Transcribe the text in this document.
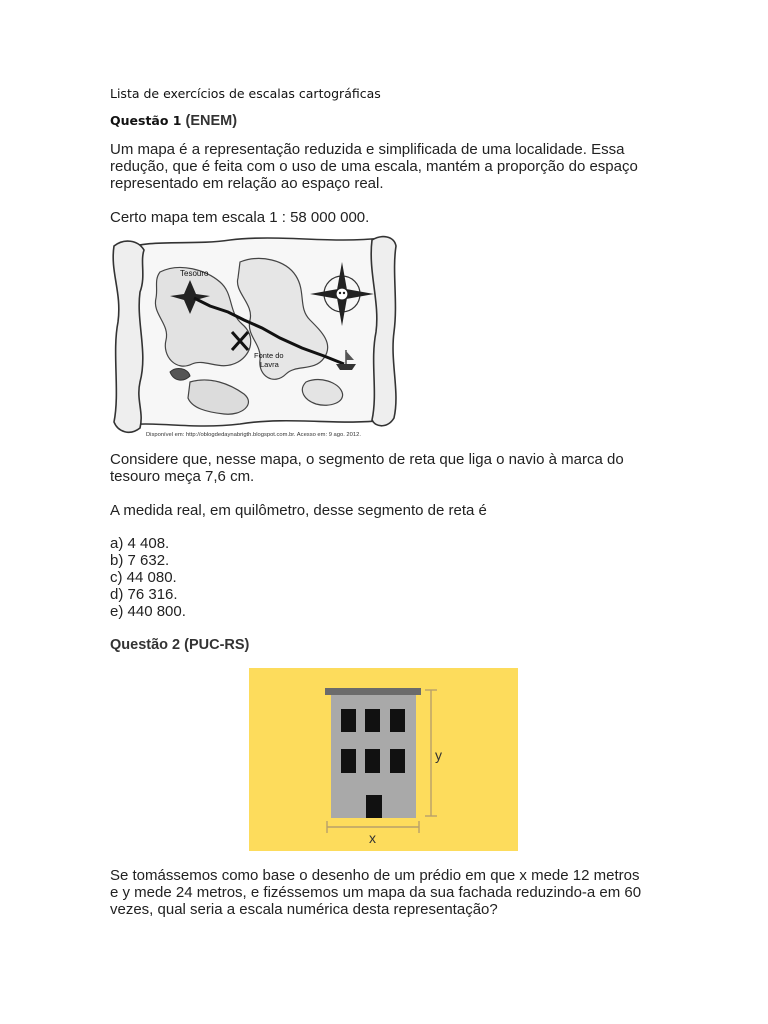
Lista de exercícios de escalas cartográficas
Questão 1 (ENEM)
Um mapa é a representação reduzida e simplificada de uma localidade. Essa
redução, que é feita com o uso de uma escala, mantém a proporção do espaço
representado em relação ao espaço real.
Certo mapa tem escala 1 : 58 000 000.
Tesouro
Fonte do
Lavra
Disponível em: http://oblogdedaynabrigth.blogspot.com.br. Acesso em: 9 ago. 2012.
Considere que, nesse mapa, o segmento de reta que liga o navio à marca do
tesouro meça 7,6 cm.
A medida real, em quilômetro, desse segmento de reta é
a) 4 408.
b) 7 632.
c) 44 080.
d) 76 316.
e) 440 800.
Questão 2 (PUC-RS)
y
x
Se tomássemos como base o desenho de um prédio em que x mede 12 metros
e y mede 24 metros, e fizéssemos um mapa da sua fachada reduzindo-a em 60
vezes, qual seria a escala numérica desta representação?
